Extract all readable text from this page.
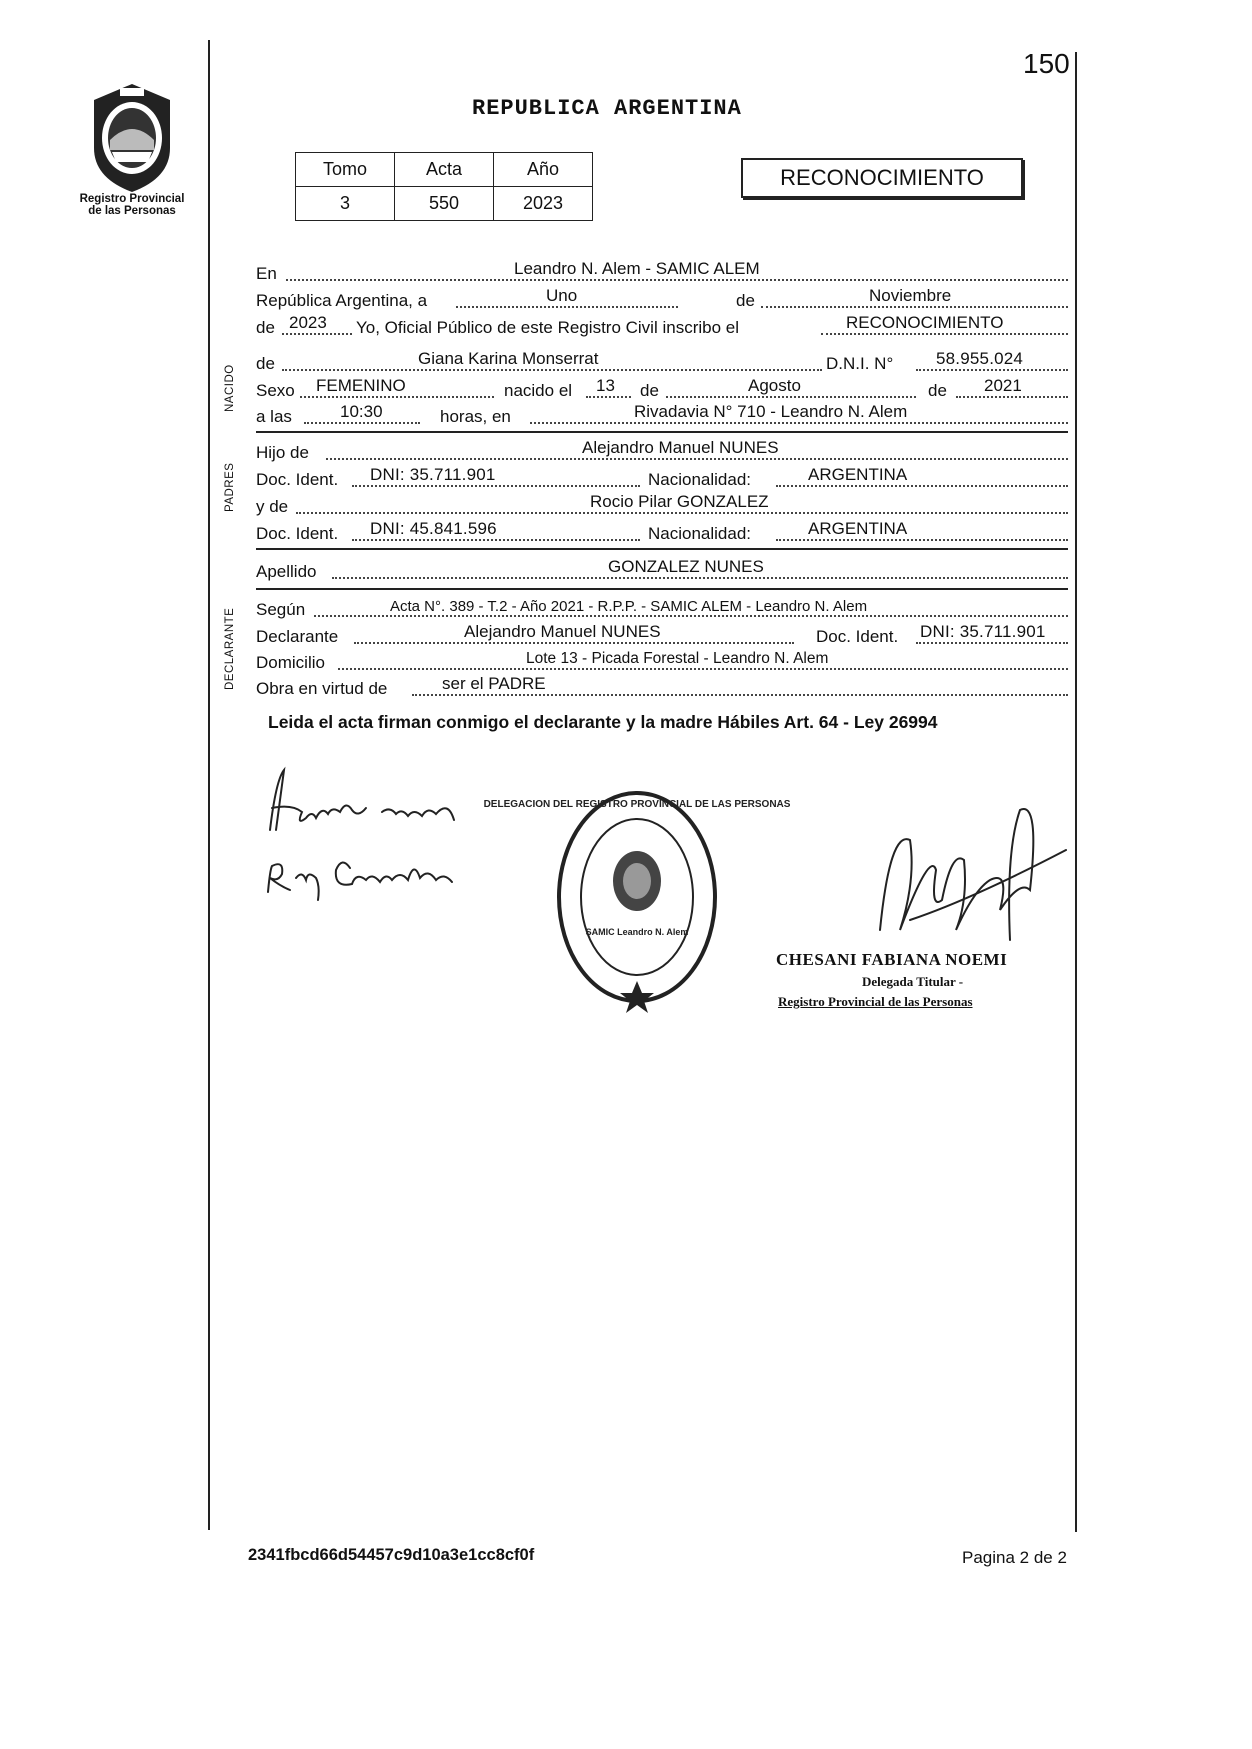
Registro Provincial
de las Personas
150
REPUBLICA ARGENTINA
Tomo	Acta	Año
3	550	2023
RECONOCIMIENTO
NACIDO
PADRES
DECLARANTE
En	Leandro N. Alem - SAMIC ALEM
República Argentina, a	Uno	de	Noviembre
de 2023 Yo, Oficial Público de este Registro Civil inscribo el	RECONOCIMIENTO
de	Giana Karina Monserrat	D.N.I. N°	58.955.024
Sexo FEMENINO	nacido el 13 de	Agosto	de 2021
a las	10:30	horas, en	Rivadavia N° 710 - Leandro N. Alem
Hijo de	Alejandro Manuel NUNES
Doc. Ident. DNI: 35.711.901	Nacionalidad:	ARGENTINA
y de	Rocio Pilar GONZALEZ
Doc. Ident. DNI: 45.841.596	Nacionalidad:	ARGENTINA
Apellido	GONZALEZ NUNES
Según	Acta N°. 389 - T.2 - Año 2021 - R.P.P. - SAMIC ALEM - Leandro N. Alem
Declarante	Alejandro Manuel NUNES	Doc. Ident. DNI: 35.711.901
Domicilio	Lote 13 - Picada Forestal - Leandro N. Alem
Obra en virtud de	ser el PADRE
Leida el acta firman conmigo el declarante y la madre Hábiles Art. 64 - Ley 26994
DELEGACION DEL REGISTRO PROVINCIAL DE LAS PERSONAS
SAMIC Leandro N. Alem
CHESANI FABIANA NOEMI
Delegada Titular -
Registro Provincial de las Personas
2341fbcd66d54457c9d10a3e1cc8cf0f	Pagina 2 de 2
